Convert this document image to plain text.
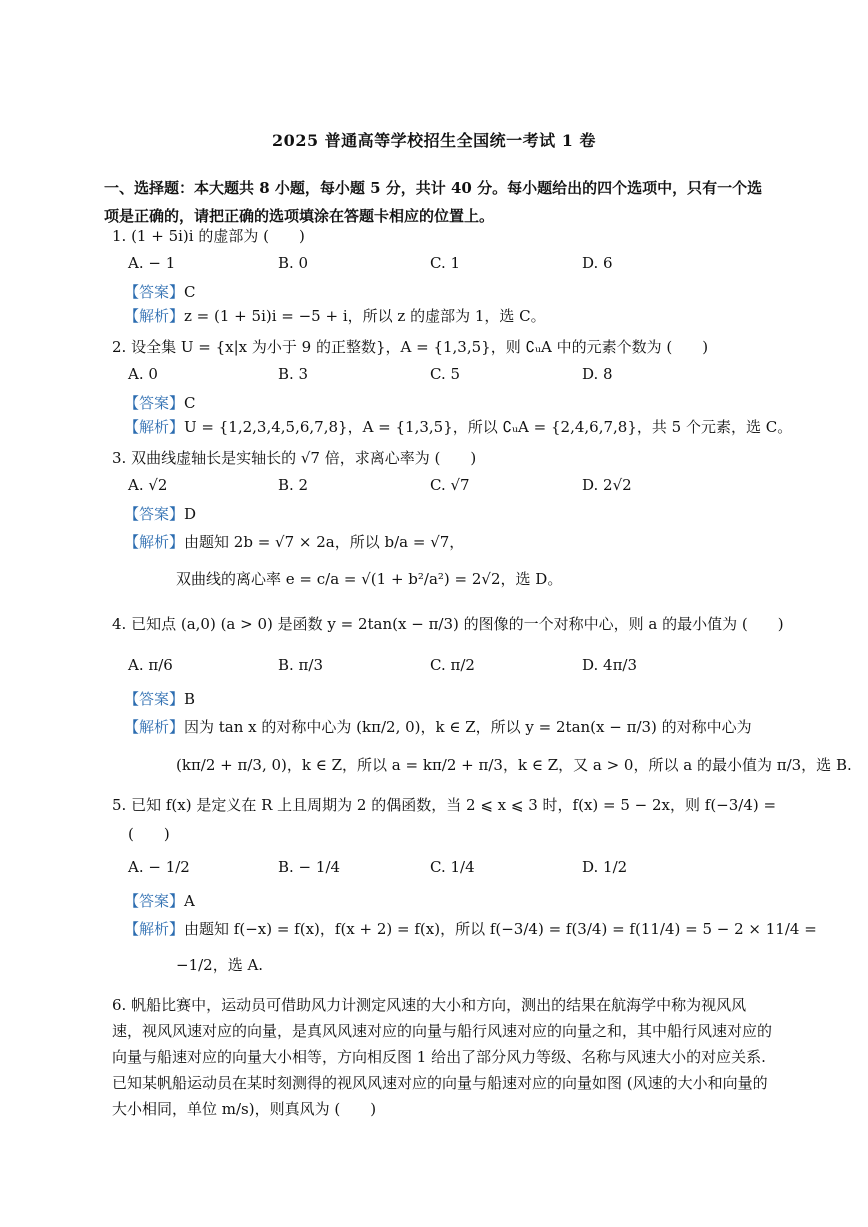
2025 普通高等学校招生全国统一考试 1 卷
一、选择题：本大题共 8 小题，每小题 5 分，共计 40 分。每小题给出的四个选项中，只有一个选项是正确的，请把正确的选项填涂在答题卡相应的位置上。
1. (1 + 5i)i 的虚部为 (　　)
A. − 1	B. 0	C. 1	D. 6
【答案】C
【解析】z = (1 + 5i)i = −5 + i，所以 z 的虚部为 1，选 C。
2. 设全集 U = {x|x 为小于 9 的正整数}，A = {1,3,5}，则 ∁ᵤA 中的元素个数为 (　　)
A. 0	B. 3	C. 5	D. 8
【答案】C
【解析】U = {1,2,3,4,5,6,7,8}，A = {1,3,5}，所以 ∁ᵤA = {2,4,6,7,8}，共 5 个元素，选 C。
3. 双曲线虚轴长是实轴长的 √7 倍，求离心率为 (　　)
A. √2	B. 2	C. √7	D. 2√2
【答案】D
【解析】由题知 2b = √7 × 2a，所以 b/a = √7，
双曲线的离心率 e = c/a = √(1 + b²/a²) = 2√2，选 D。
4. 已知点 (a,0) (a > 0) 是函数 y = 2tan(x − π/3) 的图像的一个对称中心，则 a 的最小值为 (　　)
A. π/6	B. π/3	C. π/2	D. 4π/3
【答案】B
【解析】因为 tan x 的对称中心为 (kπ/2, 0)，k ∈ Z，所以 y = 2tan(x − π/3) 的对称中心为
(kπ/2 + π/3, 0)，k ∈ Z，所以 a = kπ/2 + π/3，k ∈ Z，又 a > 0，所以 a 的最小值为 π/3，选 B.
5. 已知 f(x) 是定义在 R 上且周期为 2 的偶函数，当 2 ⩽ x ⩽ 3 时，f(x) = 5 − 2x，则 f(−3/4) =
(　　)
A. − 1/2	B. − 1/4	C. 1/4	D. 1/2
【答案】A
【解析】由题知 f(−x) = f(x)，f(x + 2) = f(x)，所以 f(−3/4) = f(3/4) = f(11/4) = 5 − 2 × 11/4 =
−1/2，选 A.
6. 帆船比赛中，运动员可借助风力计测定风速的大小和方向，测出的结果在航海学中称为视风风速，视风风速对应的向量，是真风风速对应的向量与船行风速对应的向量之和，其中船行风速对应的向量与船速对应的向量大小相等，方向相反图 1 给出了部分风力等级、名称与风速大小的对应关系. 已知某帆船运动员在某时刻测得的视风风速对应的向量与船速对应的向量如图 (风速的大小和向量的大小相同，单位 m/s)，则真风为 (　　)
